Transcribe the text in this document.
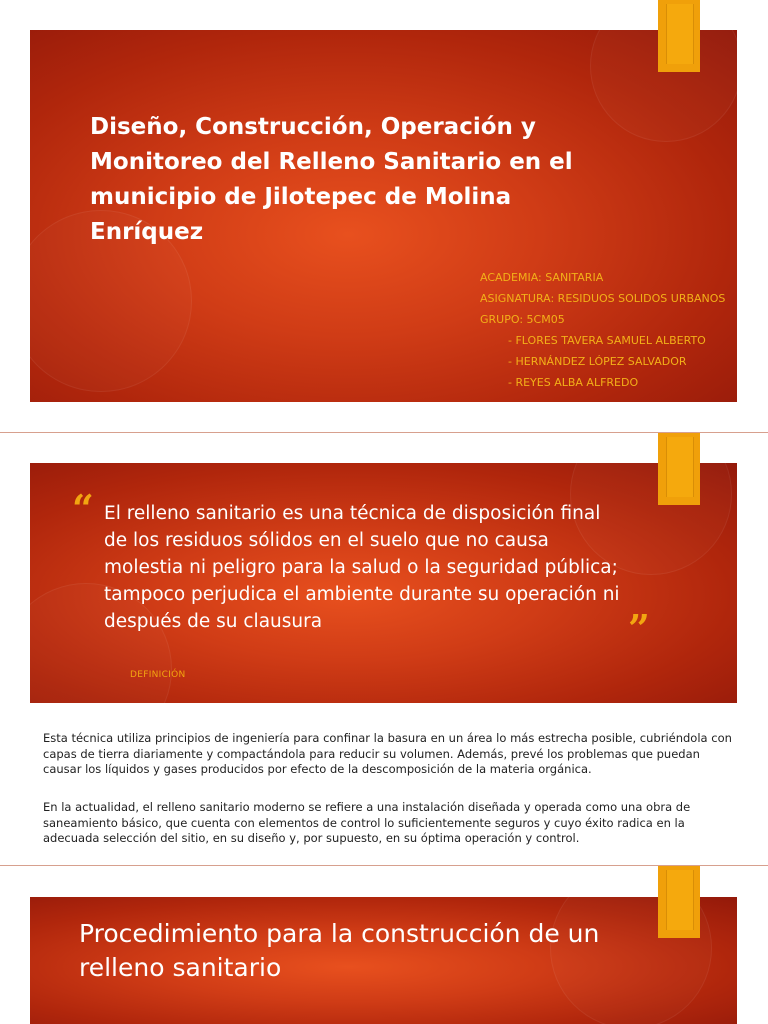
Diseño, Construcción, Operación y Monitoreo del Relleno Sanitario en el municipio de Jilotepec de Molina Enríquez
ACADEMIA: SANITARIA
ASIGNATURA: RESIDUOS SOLIDOS URBANOS
GRUPO: 5CM05
- FLORES TAVERA SAMUEL ALBERTO
- HERNÁNDEZ LÓPEZ SALVADOR
- REYES ALBA ALFREDO
“ El relleno sanitario es una técnica de disposición final de los residuos sólidos en el suelo que no causa molestia ni peligro para la salud o la seguridad pública; tampoco perjudica el ambiente durante su operación ni después de su clausura	”
DEFINICIÓN
Esta técnica utiliza principios de ingeniería para confinar la basura en un área lo más estrecha posible, cubriéndola con capas de tierra diariamente y compactándola para reducir su volumen. Además, prevé los problemas que puedan causar los líquidos y gases producidos por efecto de la descomposición de la materia orgánica.
En la actualidad, el relleno sanitario moderno se refiere a una instalación diseñada y operada como una obra de saneamiento básico, que cuenta con elementos de control lo suficientemente seguros y cuyo éxito radica en la adecuada selección del sitio, en su diseño y, por supuesto, en su óptima operación y control.
Procedimiento para la construcción de un relleno sanitario
